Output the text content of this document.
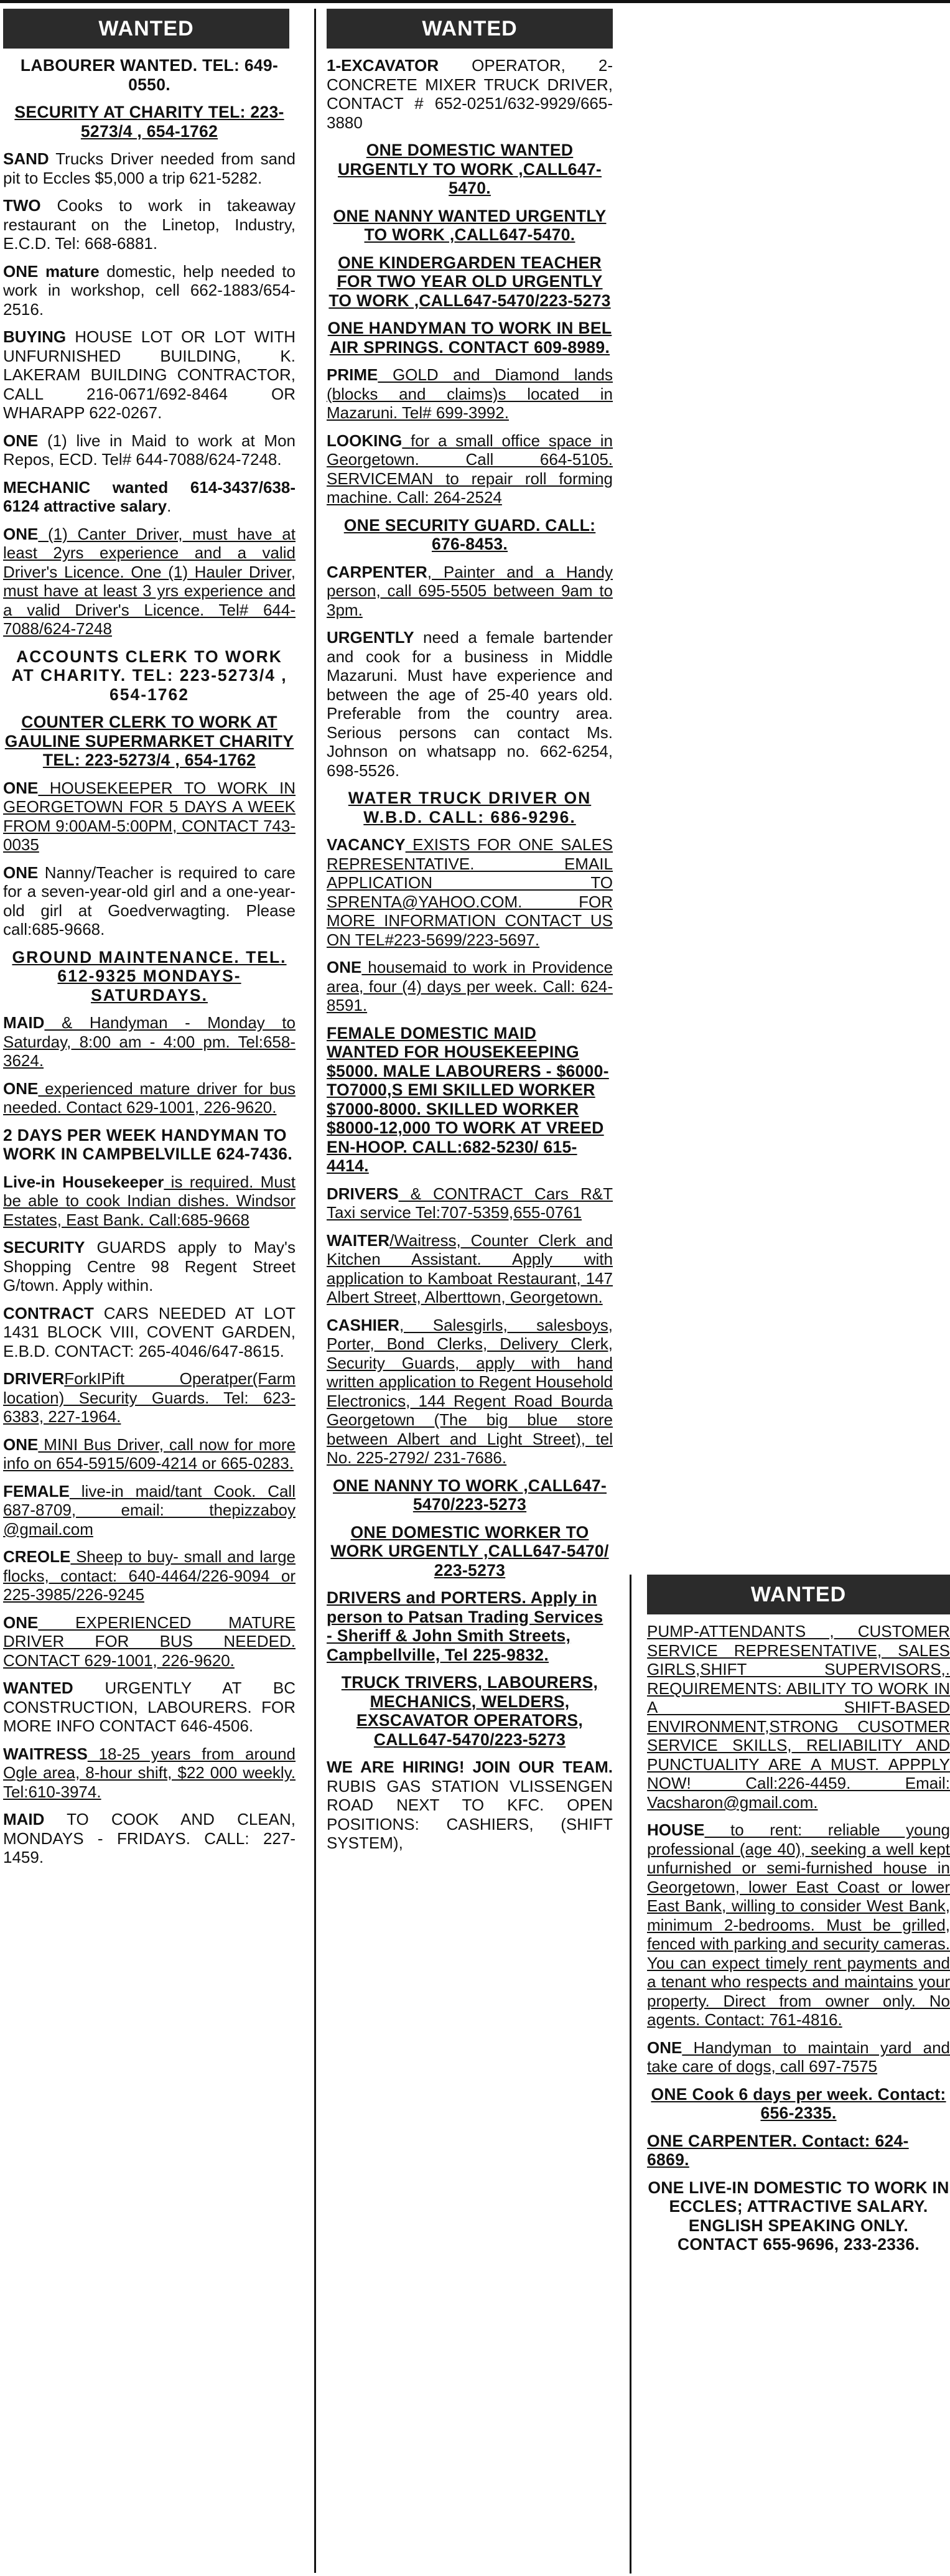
WANTED
LABOURER WANTED. TEL: 649-0550.
SECURITY AT CHARITY TEL: 223-5273/4 , 654-1762
SAND Trucks Driver needed from sand pit to Eccles $5,000 a trip 621-5282.
TWO Cooks to work in takeaway restaurant on the Linetop, Industry, E.C.D. Tel: 668-6881.
ONE mature domestic, help needed to work in workshop, cell 662-1883/654-2516.
BUYING HOUSE LOT OR LOT WITH UNFURNISHED BUILDING, K. LAKERAM BUILDING CONTRACTOR, CALL 216-0671/692-8464 OR WHARAPP 622-0267.
ONE (1) live in Maid to work at Mon Repos, ECD. Tel# 644-7088/624-7248.
MECHANIC wanted 614-3437/638-6124 attractive salary.
ONE (1) Canter Driver, must have at least 2yrs experience and a valid Driver's Licence. One (1) Hauler Driver, must have at least 3 yrs experience and a valid Driver's Licence. Tel# 644-7088/624-7248
ACCOUNTS CLERK TO WORK AT CHARITY. TEL: 223-5273/4 , 654-1762
COUNTER CLERK TO WORK AT GAULINE SUPERMARKET CHARITY TEL: 223-5273/4 , 654-1762
ONE HOUSEKEEPER TO WORK IN GEORGETOWN FOR 5 DAYS A WEEK FROM 9:00AM-5:00PM, CONTACT 743-0035
ONE Nanny/Teacher is required to care for a seven-year-old girl and a one-year-old girl at Goedverwagting. Please call:685-9668.
GROUND MAINTENANCE. TEL. 612-9325 MONDAYS-SATURDAYS.
MAID & Handyman - Monday to Saturday, 8:00 am - 4:00 pm. Tel:658-3624.
ONE experienced mature driver for bus needed. Contact 629-1001, 226-9620.
2 DAYS PER WEEK HANDYMAN TO WORK IN CAMPBELVILLE 624-7436.
Live-in Housekeeper is required. Must be able to cook Indian dishes. Windsor Estates, East Bank. Call:685-9668
SECURITY GUARDS apply to May's Shopping Centre 98 Regent Street G/town. Apply within.
CONTRACT CARS NEEDED AT LOT 1431 BLOCK VIII, COVENT GARDEN, E.B.D. CONTACT: 265-4046/647-8615.
DRIVERForkIPift Operatper(Farm location) Security Guards. Tel: 623-6383, 227-1964.
ONE MINI Bus Driver, call now for more info on 654-5915/609-4214 or 665-0283.
FEMALE live-in maid/tant Cook. Call 687-8709, email: thepizzaboy @gmail.com
CREOLE Sheep to buy- small and large flocks, contact: 640-4464/226-9094 or 225-3985/226-9245
ONE EXPERIENCED MATURE DRIVER FOR BUS NEEDED. CONTACT 629-1001, 226-9620.
WANTED URGENTLY AT BC CONSTRUCTION, LABOURERS. FOR MORE INFO CONTACT 646-4506.
WAITRESS 18-25 years from around Ogle area, 8-hour shift, $22 000 weekly. Tel:610-3974.
MAID TO COOK AND CLEAN, MONDAYS - FRIDAYS. CALL: 227-1459.
WANTED
1-EXCAVATOR OPERATOR, 2- CONCRETE MIXER TRUCK DRIVER, CONTACT # 652-0251/632-9929/665-3880
ONE DOMESTIC WANTED URGENTLY TO WORK ,CALL647-5470.
ONE NANNY WANTED URGENTLY TO WORK ,CALL647-5470.
ONE KINDERGARDEN TEACHER FOR TWO YEAR OLD URGENTLY TO WORK ,CALL647-5470/223-5273
ONE HANDYMAN TO WORK IN BEL AIR SPRINGS. CONTACT 609-8989.
PRIME GOLD and Diamond lands (blocks and claims)s located in Mazaruni. Tel# 699-3992.
LOOKING for a small office space in Georgetown. Call 664-5105. SERVICEMAN to repair roll forming machine. Call: 264-2524
ONE SECURITY GUARD. CALL: 676-8453.
CARPENTER, Painter and a Handy person, call 695-5505 between 9am to 3pm.
URGENTLY need a female bartender and cook for a business in Middle Mazaruni. Must have experience and between the age of 25-40 years old. Preferable from the country area. Serious persons can contact Ms. Johnson on whatsapp no. 662-6254, 698-5526.
WATER TRUCK DRIVER ON W.B.D. CALL: 686-9296.
VACANCY EXISTS FOR ONE SALES REPRESENTATIVE. EMAIL APPLICATION TO SPRENTA@YAHOO.COM. FOR MORE INFORMATION CONTACT US ON TEL#223-5699/223-5697.
ONE housemaid to work in Providence area, four (4) days per week. Call: 624-8591.
FEMALE DOMESTIC MAID WANTED FOR HOUSEKEEPING $5000. MALE LABOURERS - $6000-TO7000,S EMI SKILLED WORKER $7000-8000. SKILLED WORKER $8000-12,000 TO WORK AT VREED EN-HOOP. CALL:682-5230/ 615-4414.
DRIVERS & CONTRACT Cars R&T Taxi service Tel:707-5359,655-0761
WAITER/Waitress, Counter Clerk and Kitchen Assistant. Apply with application to Kamboat Restaurant, 147 Albert Street, Alberttown, Georgetown.
CASHIER, Salesgirls, salesboys, Porter, Bond Clerks, Delivery Clerk, Security Guards, apply with hand written application to Regent Household Electronics, 144 Regent Road Bourda Georgetown (The big blue store between Albert and Light Street), tel No. 225-2792/ 231-7686.
ONE NANNY TO WORK ,CALL647-5470/223-5273
ONE DOMESTIC WORKER TO WORK URGENTLY ,CALL647-5470/ 223-5273
DRIVERS and PORTERS. Apply in person to Patsan Trading Services - Sheriff & John Smith Streets, Campbellville, Tel 225-9832.
TRUCK TRIVERS, LABOURERS, MECHANICS, WELDERS, EXSCAVATOR OPERATORS, CALL647-5470/223-5273
WE ARE HIRING! JOIN OUR TEAM. RUBIS GAS STATION VLISSENGEN ROAD NEXT TO KFC. OPEN POSITIONS: CASHIERS, (SHIFT SYSTEM),
WANTED
PUMP-ATTENDANTS , CUSTOMER SERVICE REPRESENTATIVE, SALES GIRLS,SHIFT SUPERVISORS,. REQUIREMENTS: ABILITY TO WORK IN A SHIFT-BASED ENVIRONMENT,STRONG CUSOTMER SERVICE SKILLS, RELIABILITY AND PUNCTUALITY ARE A MUST. APPPLY NOW! Call:226-4459. Email: Vacsharon@gmail.com.
HOUSE to rent: reliable young professional (age 40), seeking a well kept unfurnished or semi-furnished house in Georgetown, lower East Coast or lower East Bank, willing to consider West Bank, minimum 2-bedrooms. Must be grilled, fenced with parking and security cameras. You can expect timely rent payments and a tenant who respects and maintains your property. Direct from owner only. No agents. Contact: 761-4816.
ONE Handyman to maintain yard and take care of dogs, call 697-7575
ONE Cook 6 days per week. Contact: 656-2335.
ONE CARPENTER. Contact: 624-6869.
ONE LIVE-IN DOMESTIC TO WORK IN ECCLES; ATTRACTIVE SALARY. ENGLISH SPEAKING ONLY. CONTACT 655-9696, 233-2336.
